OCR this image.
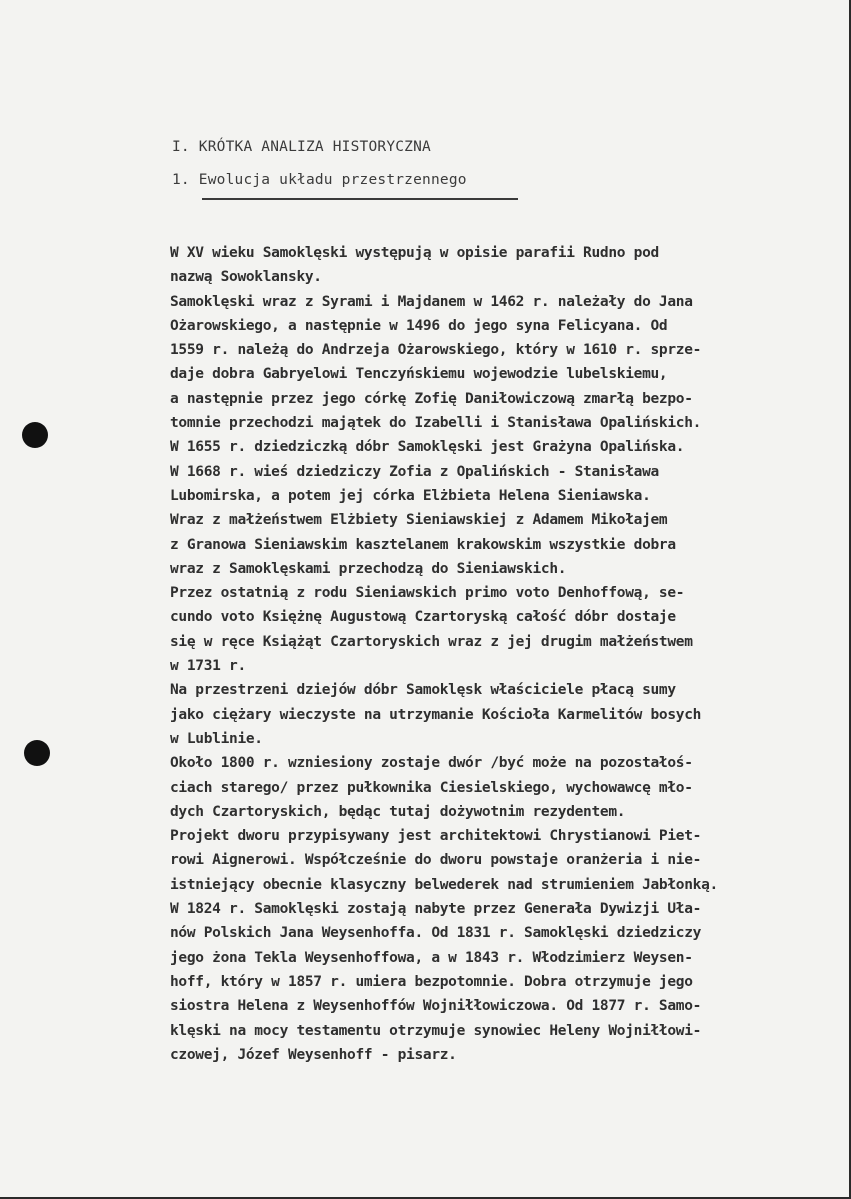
I. KRÓTKA ANALIZA HISTORYCZNA
1. Ewolucja układu przestrzennego
W XV wieku Samoklęski występują w opisie parafii Rudno pod
nazwą Sowoklansky.
Samoklęski wraz z Syrami i Majdanem w 1462 r. należały do Jana
Ożarowskiego, a następnie w 1496 do jego syna Feliсyana. Od
1559 r. należą do Andrzeja Ożarowskiego, który w 1610 r. sprze-
daje dobra Gabryelowi Tenczyńskiemu wojewodzie lubelskiemu,
a następnie przez jego córkę Zofię Daniłowiczową zmarłą bezpo-
tomnie przechodzi majątek do Izabelli i Stanisława Opalińskich.
W 1655 r. dziedziczką dóbr Samoklęski jest Grażyna Opalińska.
W 1668 r. wieś dziedziczy Zofia z Opalińskich - Stanisława
Lubomirska, a potem jej córka Elżbieta Helena Sieniawska.
Wraz z małżeństwem Elżbiety Sieniawskiej z Adamem Mikołajem
z Granowa Sieniawskim kasztelanem krakowskim wszystkie dobra
wraz z Samoklęskami przechodzą do Sieniawskich.
Przez ostatnią z rodu Sieniawskich primo voto Denhoffową, se-
cundo voto Księżnę Augustową Czartoryską całość dóbr dostaje
się w ręce Książąt Czartoryskich wraz z jej drugim małżeństwem
w 1731 r.
Na przestrzeni dziejów dóbr Samoklęsk właściciele płacą sumy
jako ciężary wieczyste na utrzymanie Kościoła Karmelitów bosych
w Lublinie.
Około 1800 r. wzniesiony zostaje dwór /być może na pozostałoś-
ciach starego/ przez pułkownika Ciesielskiego, wychowawcę mło-
dych Czartoryskich, będąc tutaj dożywotnim rezydentem.
Projekt dworu przypisywany jest architektowi Chrystianowi Piet-
rowi Aignerowi. Współcześnie do dworu powstaje oranżeria i nie-
istniejący obecnie klasyczny belwederek nad strumieniem Jabłonką.
W 1824 r. Samoklęski zostają nabyte przez Generała Dywizji Uła-
nów Polskich Jana Weysenhoffa. Od 1831 r. Samoklęski dziedziczy
jego żona Tekla Weysenhoffowa, a w 1843 r. Włodzimierz Weysen-
hoff, który w 1857 r. umiera bezpotomnie. Dobra otrzymuje jego
siostra Helena z Weysenhoffów Wojniłłowiczowa. Od 1877 r. Samo-
klęski na mocy testamentu otrzymuje synowiec Heleny Wojniłłowi-
czowej, Józef Weysenhoff - pisarz.
